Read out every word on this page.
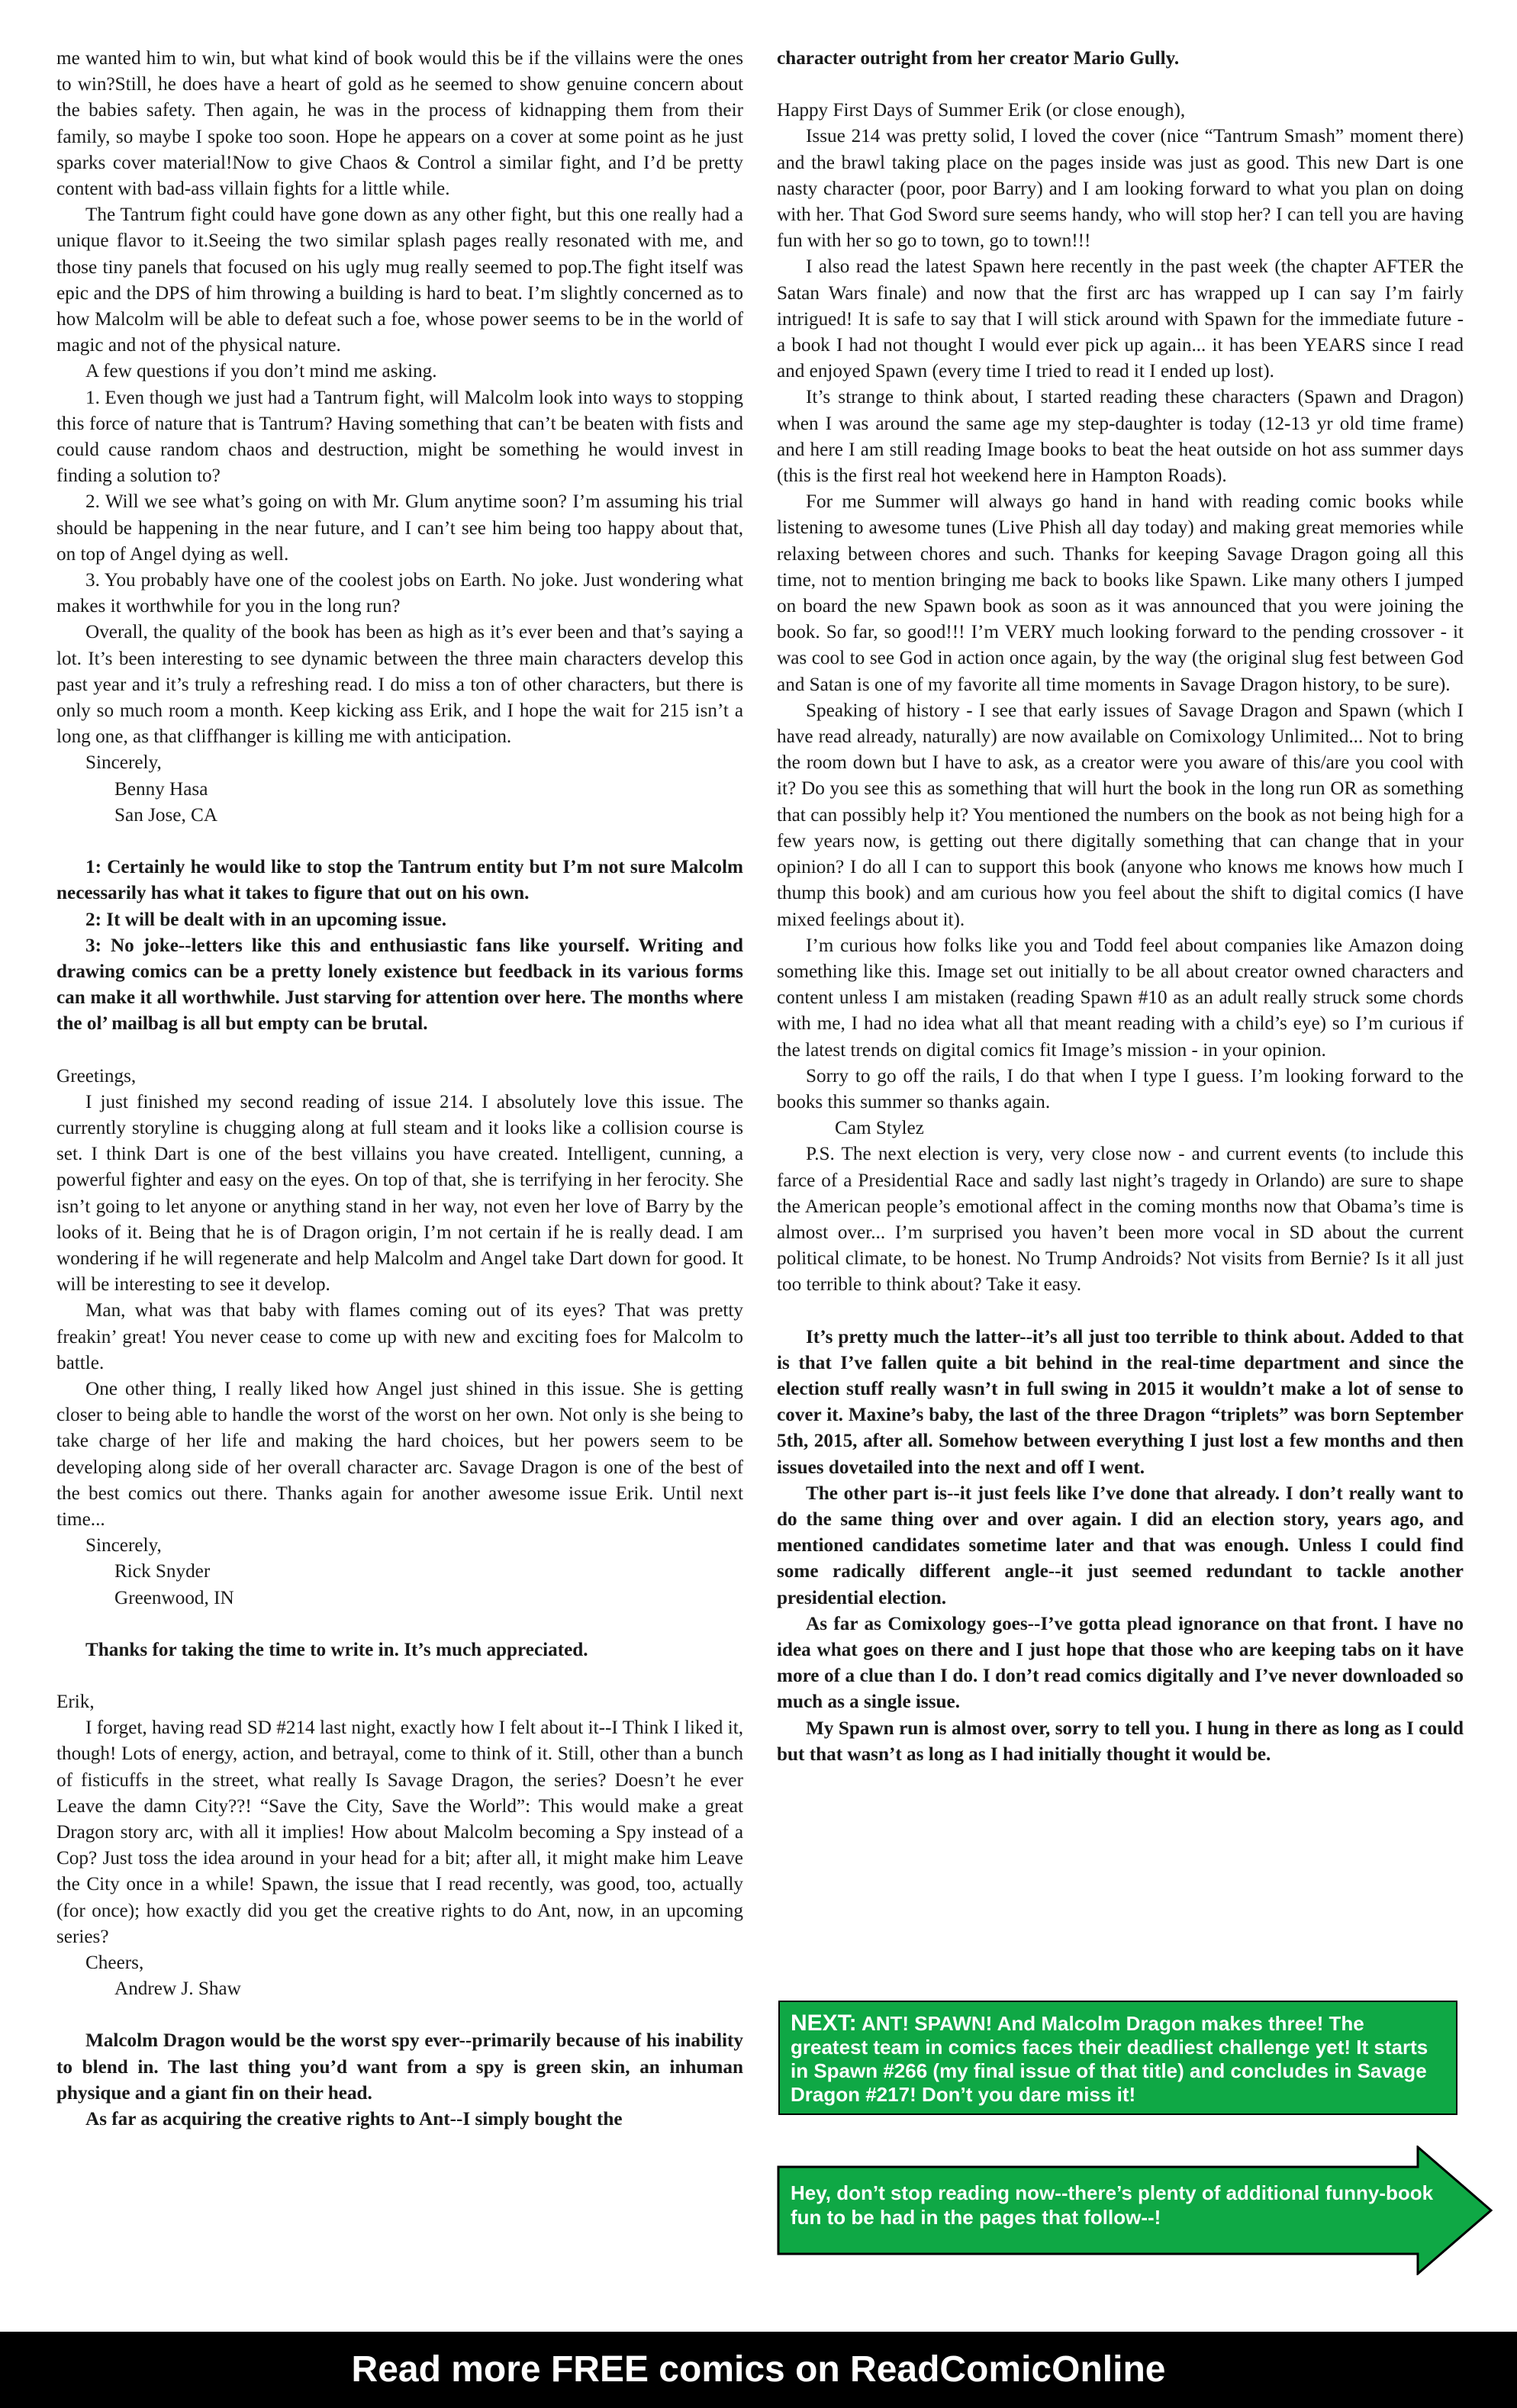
me wanted him to win, but what kind of book would this be if the villains were the ones to win?Still, he does have a heart of gold as he seemed to show genuine concern about the babies safety. Then again, he was in the process of kidnapping them from their family, so maybe I spoke too soon. Hope he appears on a cover at some point as he just sparks cover material!Now to give Chaos & Control a similar fight, and I’d be pretty content with bad-ass villain fights for a little while.

The Tantrum fight could have gone down as any other fight, but this one really had a unique flavor to it.Seeing the two similar splash pages really resonated with me, and those tiny panels that focused on his ugly mug really seemed to pop.The fight itself was epic and the DPS of him throwing a building is hard to beat. I’m slightly concerned as to how Malcolm will be able to defeat such a foe, whose power seems to be in the world of magic and not of the physical nature.

A few questions if you don’t mind me asking.

1. Even though we just had a Tantrum fight, will Malcolm look into ways to stopping this force of nature that is Tantrum? Having something that can’t be beaten with fists and could cause random chaos and destruction, might be something he would invest in finding a solution to?

2. Will we see what’s going on with Mr. Glum anytime soon? I’m assuming his trial should be happening in the near future, and I can’t see him being too happy about that, on top of Angel dying as well.

3. You probably have one of the coolest jobs on Earth. No joke. Just wondering what makes it worthwhile for you in the long run?

Overall, the quality of the book has been as high as it’s ever been and that’s saying a lot. It’s been interesting to see dynamic between the three main characters develop this past year and it’s truly a refreshing read. I do miss a ton of other characters, but there is only so much room a month. Keep kicking ass Erik, and I hope the wait for 215 isn’t a long one, as that cliffhanger is killing me with anticipation.

Sincerely,

Benny Hasa

San Jose, CA

1: Certainly he would like to stop the Tantrum entity but I’m not sure Malcolm necessarily has what it takes to figure that out on his own.

2: It will be dealt with in an upcoming issue.

3: No joke--letters like this and enthusiastic fans like yourself. Writing and drawing comics can be a pretty lonely existence but feedback in its various forms can make it all worthwhile. Just starving for attention over here. The months where the ol’ mailbag is all but empty can be brutal.

Greetings,

I just finished my second reading of issue 214. I absolutely love this issue. The currently storyline is chugging along at full steam and it looks like a collision course is set. I think Dart is one of the best villains you have created. Intelligent, cunning, a powerful fighter and easy on the eyes. On top of that, she is terrifying in her ferocity. She isn’t going to let anyone or anything stand in her way, not even her love of Barry by the looks of it. Being that he is of Dragon origin, I’m not certain if he is really dead. I am wondering if he will regenerate and help Malcolm and Angel take Dart down for good. It will be interesting to see it develop.

Man, what was that baby with flames coming out of its eyes? That was pretty freakin’ great! You never cease to come up with new and exciting foes for Malcolm to battle.

One other thing, I really liked how Angel just shined in this issue. She is getting closer to being able to handle the worst of the worst on her own. Not only is she being to take charge of her life and making the hard choices, but her powers seem to be developing along side of her overall character arc. Savage Dragon is one of the best of the best comics out there. Thanks again for another awesome issue Erik. Until next time...

Sincerely,

Rick Snyder

Greenwood, IN

Thanks for taking the time to write in. It’s much appreciated.

Erik,

I forget, having read SD #214 last night, exactly how I felt about it--I Think I liked it, though! Lots of energy, action, and betrayal, come to think of it. Still, other than a bunch of fisticuffs in the street, what really Is Savage Dragon, the series? Doesn’t he ever Leave the damn City??! “Save the City, Save the World”: This would make a great Dragon story arc, with all it implies! How about Malcolm becoming a Spy instead of a Cop? Just toss the idea around in your head for a bit; after all, it might make him Leave the City once in a while! Spawn, the issue that I read recently, was good, too, actually (for once); how exactly did you get the creative rights to do Ant, now, in an upcoming series?

Cheers,

Andrew J. Shaw

Malcolm Dragon would be the worst spy ever--primarily because of his inability to blend in. The last thing you’d want from a spy is green skin, an inhuman physique and a giant fin on their head.

As far as acquiring the creative rights to Ant--I simply bought the

character outright from her creator Mario Gully.

Happy First Days of Summer Erik (or close enough),

Issue 214 was pretty solid, I loved the cover (nice “Tantrum Smash” moment there) and the brawl taking place on the pages inside was just as good. This new Dart is one nasty character (poor, poor Barry) and I am looking forward to what you plan on doing with her. That God Sword sure seems handy, who will stop her? I can tell you are having fun with her so go to town, go to town!!!

I also read the latest Spawn here recently in the past week (the chapter AFTER the Satan Wars finale) and now that the first arc has wrapped up I can say I’m fairly intrigued! It is safe to say that I will stick around with Spawn for the immediate future - a book I had not thought I would ever pick up again... it has been YEARS since I read and enjoyed Spawn (every time I tried to read it I ended up lost).

It’s strange to think about, I started reading these characters (Spawn and Dragon) when I was around the same age my step-daughter is today (12-13 yr old time frame) and here I am still reading Image books to beat the heat outside on hot ass summer days (this is the first real hot weekend here in Hampton Roads).

For me Summer will always go hand in hand with reading comic books while listening to awesome tunes (Live Phish all day today) and making great memories while relaxing between chores and such. Thanks for keeping Savage Dragon going all this time, not to mention bringing me back to books like Spawn. Like many others I jumped on board the new Spawn book as soon as it was announced that you were joining the book. So far, so good!!! I’m VERY much looking forward to the pending crossover - it was cool to see God in action once again, by the way (the original slug fest between God and Satan is one of my favorite all time moments in Savage Dragon history, to be sure).

Speaking of history - I see that early issues of Savage Dragon and Spawn (which I have read already, naturally) are now available on Comixology Unlimited... Not to bring the room down but I have to ask, as a creator were you aware of this/are you cool with it? Do you see this as something that will hurt the book in the long run OR as something that can possibly help it? You mentioned the numbers on the book as not being high for a few years now, is getting out there digitally something that can change that in your opinion? I do all I can to support this book (anyone who knows me knows how much I thump this book) and am curious how you feel about the shift to digital comics (I have mixed feelings about it).

I’m curious how folks like you and Todd feel about companies like Amazon doing something like this. Image set out initially to be all about creator owned characters and content unless I am mistaken (reading Spawn #10 as an adult really struck some chords with me, I had no idea what all that meant reading with a child’s eye) so I’m curious if the latest trends on digital comics fit Image’s mission - in your opinion.

Sorry to go off the rails, I do that when I type I guess. I’m looking forward to the books this summer so thanks again.

Cam Stylez

P.S. The next election is very, very close now - and current events (to include this farce of a Presidential Race and sadly last night’s tragedy in Orlando) are sure to shape the American people’s emotional affect in the coming months now that Obama’s time is almost over... I’m surprised you haven’t been more vocal in SD about the current political climate, to be honest. No Trump Androids? Not visits from Bernie? Is it all just too terrible to think about? Take it easy.

It’s pretty much the latter--it’s all just too terrible to think about. Added to that is that I’ve fallen quite a bit behind in the real-time department and since the election stuff really wasn’t in full swing in 2015 it wouldn’t make a lot of sense to cover it. Maxine’s baby, the last of the three Dragon “triplets” was born September 5th, 2015, after all. Somehow between everything I just lost a few months and then issues dovetailed into the next and off I went.

The other part is--it just feels like I’ve done that already. I don’t really want to do the same thing over and over again. I did an election story, years ago, and mentioned candidates sometime later and that was enough. Unless I could find some radically different angle--it just seemed redundant to tackle another presidential election.

As far as Comixology goes--I’ve gotta plead ignorance on that front. I have no idea what goes on there and I just hope that those who are keeping tabs on it have more of a clue than I do. I don’t read comics digitally and I’ve never downloaded so much as a single issue.

My Spawn run is almost over, sorry to tell you. I hung in there as long as I could but that wasn’t as long as I had initially thought it would be.

NEXT: ANT! SPAWN! And Malcolm Dragon makes three! The greatest team in comics faces their deadliest challenge yet! It starts in Spawn #266 (my final issue of that title) and concludes in Savage Dragon #217! Don’t you dare miss it!
Hey, don’t stop reading now--there’s plenty of additional funny-book fun to be had in the pages that follow--!
Read more FREE comics on ReadComicOnline
